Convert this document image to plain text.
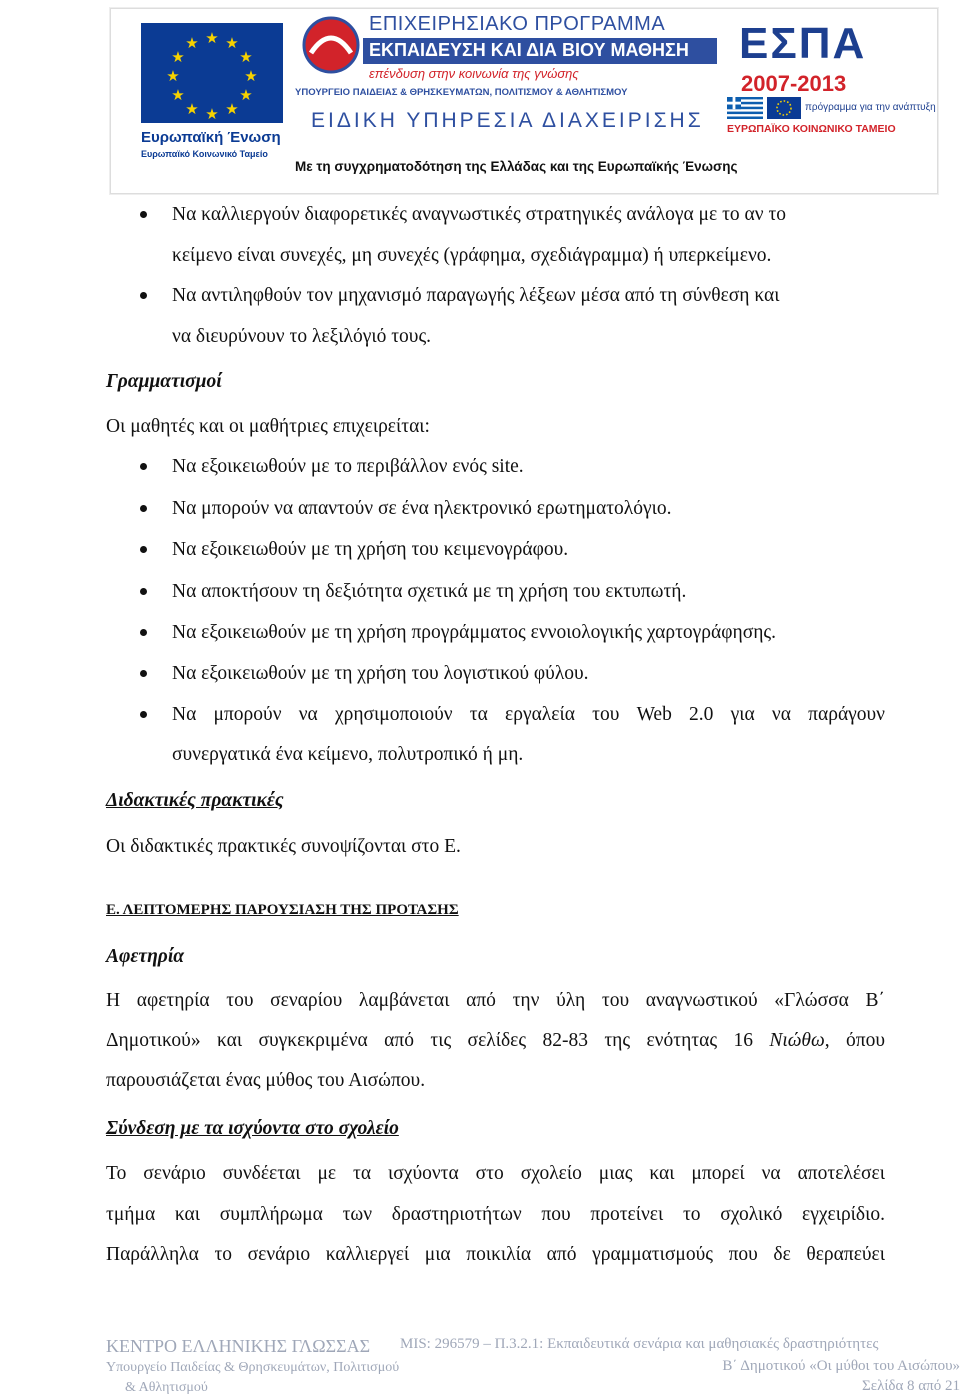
★ ★
★
★
★
★
★
★
★
★
★
★
Ευρωπαϊκή Ένωση
Ευρωπαϊκό Κοινωνικό Ταμείο
ΕΠΙΧΕΙΡΗΣΙΑΚΟ ΠΡΟΓΡΑΜΜΑ
ΕΚΠΑΙΔΕΥΣΗ ΚΑΙ ΔΙΑ ΒΙΟΥ ΜΑΘΗΣΗ
επένδυση στην κοινωνία της γνώσης
ΥΠΟΥΡΓΕΙΟ ΠΑΙΔΕΙΑΣ & ΘΡΗΣΚΕΥΜΑΤΩΝ, ΠΟΛΙΤΙΣΜΟΥ & ΑΘΛΗΤΙΣΜΟΥ
ΕΙΔΙΚΗ ΥΠΗΡΕΣΙΑ ΔΙΑΧΕΙΡΙΣΗΣ
Με τη συγχρηματοδότηση της Ελλάδας και της Ευρωπαϊκής Ένωσης
ΕΣΠΑ
2007-2013
πρόγραμμα για την ανάπτυξη
ΕΥΡΩΠΑΪΚΟ ΚΟΙΝΩΝΙΚΟ ΤΑΜΕΙΟ
Να καλλιεργούν διαφορετικές αναγνωστικές στρατηγικές ανάλογα με το αν το
κείμενο είναι συνεχές, μη συνεχές (γράφημα, σχεδιάγραμμα) ή υπερκείμενο.
Να αντιληφθούν τον μηχανισμό παραγωγής λέξεων μέσα από τη σύνθεση και
να διευρύνουν το λεξιλόγιό τους.
Γραμματισμοί
Οι μαθητές και οι μαθήτριες επιχειρείται:
Να εξοικειωθούν με το περιβάλλον ενός site.
Να μπορούν να απαντούν σε ένα ηλεκτρονικό ερωτηματολόγιο.
Να εξοικειωθούν με τη χρήση του κειμενογράφου.
Να αποκτήσουν τη δεξιότητα σχετικά με τη χρήση του εκτυπωτή.
Να εξοικειωθούν με τη χρήση προγράμματος εννοιολογικής χαρτογράφησης.
Να εξοικειωθούν με τη χρήση του λογιστικού φύλου.
Να μπορούν να χρησιμοποιούν τα εργαλεία του Web 2.0 για να παράγουν
συνεργατικά ένα κείμενο, πολυτροπικό ή μη.
Διδακτικές πρακτικές
Οι διδακτικές πρακτικές συνοψίζονται στο Ε.
Ε. ΛΕΠΤΟΜΕΡΗΣ ΠΑΡΟΥΣΙΑΣΗ ΤΗΣ ΠΡΟΤΑΣΗΣ
Αφετηρία
Η αφετηρία του σεναρίου λαμβάνεται από την ύλη του αναγνωστικού «Γλώσσα Β΄
Δημοτικού» και συγκεκριμένα από τις σελίδες 82-83 της ενότητας 16 Νιώθω, όπου
παρουσιάζεται ένας μύθος του Αισώπου.
Σύνδεση με τα ισχύοντα στο σχολείο
Το σενάριο συνδέεται με τα ισχύοντα στο σχολείο μιας και μπορεί να αποτελέσει
τμήμα και συμπλήρωμα των δραστηριοτήτων που προτείνει το σχολικό εγχειρίδιο.
Παράλληλα το σενάριο καλλιεργεί μια ποικιλία από γραμματισμούς που δε θεραπεύει
ΚΕΝΤΡΟ ΕΛΛΗΝΙΚΗΣ ΓΛΩΣΣΑΣ
Υπουργείο Παιδείας & Θρησκευμάτων, Πολιτισμού
& Αθλητισμού
MIS: 296579 – Π.3.2.1: Εκπαιδευτικά σενάρια και μαθησιακές δραστηριότητες
Β΄ Δημοτικού «Οι μύθοι του Αισώπου»
Σελίδα 8 από 21
